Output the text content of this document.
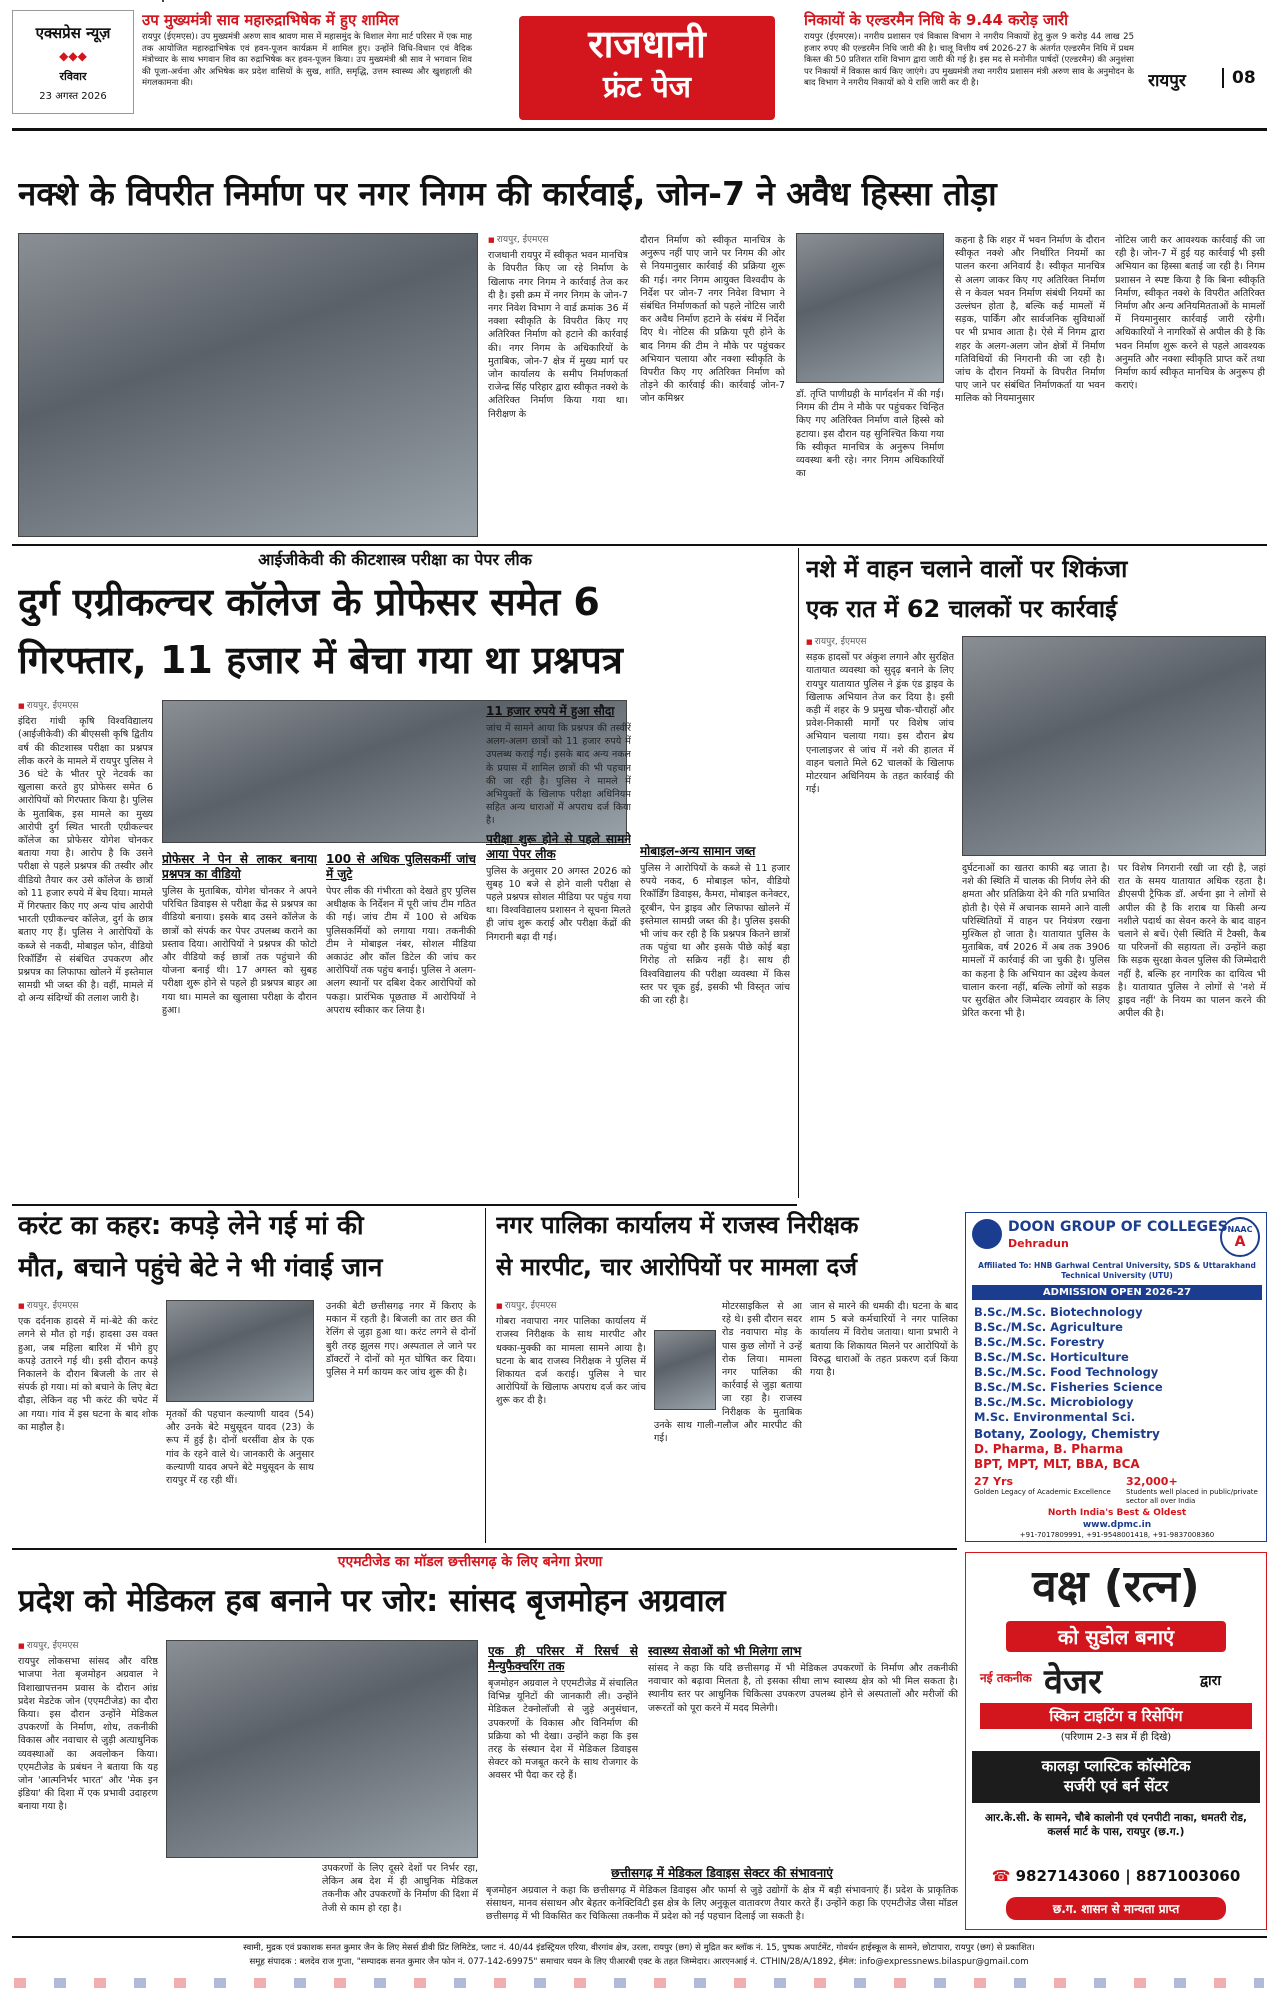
एक्सप्रेस न्यूज़
◆◆◆
रविवार
23 अगस्त 2026
उप मुख्यमंत्री साव महारुद्राभिषेक में हुए शामिल
रायपुर (ईएमएस)। उप मुख्यमंत्री अरुण साव श्रावण मास में महासमुंद के विशाल मेगा मार्ट परिसर में एक माह तक आयोजित महारुद्राभिषेक एवं हवन-पूजन कार्यक्रम में शामिल हुए। उन्होंने विधि-विधान एवं वैदिक मंत्रोच्चार के साथ भगवान शिव का रुद्राभिषेक कर हवन-पूजन किया। उप मुख्यमंत्री श्री साव ने भगवान शिव की पूजा-अर्चना और अभिषेक कर प्रदेश वासियों के सुख, शांति, समृद्धि, उत्तम स्वास्थ्य और खुशहाली की मंगलकामना की।
राजधानी
फ्रंट पेज
निकायों के एल्डरमैन निधि के 9.44 करोड़ जारी
रायपुर (ईएमएस)। नगरीय प्रशासन एवं विकास विभाग ने नगरीय निकायों हेतु कुल 9 करोड़ 44 लाख 25 हजार रुपए की एल्डरमैन निधि जारी की है। चालू वित्तीय वर्ष 2026-27 के अंतर्गत एल्डरमैन निधि में प्रथम किस्त की 50 प्रतिशत राशि विभाग द्वारा जारी की गई है। इस मद से मनोनीत पार्षदों (एल्डरमैन) की अनुशंसा पर निकायों में विकास कार्य किए जाएंगे। उप मुख्यमंत्री तथा नगरीय प्रशासन मंत्री अरुण साव के अनुमोदन के बाद विभाग ने नगरीय निकायों को ये राशि जारी कर दी है।	रायपुर	08
नक्शे के विपरीत निर्माण पर नगर निगम की कार्रवाई, जोन-7 ने अवैध हिस्सा तोड़ा
■ रायपुर, ईएमएस
राजधानी रायपुर में स्वीकृत भवन मानचित्र के विपरीत किए जा रहे निर्माण के खिलाफ नगर निगम ने कार्रवाई तेज कर दी है। इसी क्रम में नगर निगम के जोन-7 नगर निवेश विभाग ने वार्ड क्रमांक 36 में नक्शा स्वीकृति के विपरीत किए गए अतिरिक्त निर्माण को हटाने की कार्रवाई की। नगर निगम के अधिकारियों के मुताबिक, जोन-7 क्षेत्र में मुख्य मार्ग पर जोन कार्यालय के समीप निर्माणकर्ता राजेन्द्र सिंह परिहार द्वारा स्वीकृत नक्शे के अतिरिक्त निर्माण किया गया था। निरीक्षण के
दौरान निर्माण को स्वीकृत मानचित्र के अनुरूप नहीं पाए जाने पर निगम की ओर से नियमानुसार कार्रवाई की प्रक्रिया शुरू की गई। नगर निगम आयुक्त विश्वदीप के निर्देश पर जोन-7 नगर निवेश विभाग ने संबंधित निर्माणकर्ता को पहले नोटिस जारी कर अवैध निर्माण हटाने के संबंध में निर्देश दिए थे। नोटिस की प्रक्रिया पूरी होने के बाद निगम की टीम ने मौके पर पहुंचकर अभियान चलाया और नक्शा स्वीकृति के विपरीत किए गए अतिरिक्त निर्माण को तोड़ने की कार्रवाई की। कार्रवाई जोन-7 जोन कमिश्नर	डॉ. तृप्ति पाणीग्रही के मार्गदर्शन में की गई। निगम की टीम ने मौके पर पहुंचकर चिन्हित किए गए अतिरिक्त निर्माण वाले हिस्से को हटाया। इस दौरान यह सुनिश्चित किया गया कि स्वीकृत मानचित्र के अनुरूप निर्माण व्यवस्था बनी रहे। नगर निगम अधिकारियों का
कहना है कि शहर में भवन निर्माण के दौरान स्वीकृत नक्शे और निर्धारित नियमों का पालन करना अनिवार्य है। स्वीकृत मानचित्र से अलग जाकर किए गए अतिरिक्त निर्माण से न केवल भवन निर्माण संबंधी नियमों का उल्लंघन होता है, बल्कि कई मामलों में सड़क, पार्किंग और सार्वजनिक सुविधाओं पर भी प्रभाव आता है। ऐसे में निगम द्वारा शहर के अलग-अलग जोन क्षेत्रों में निर्माण गतिविधियों की निगरानी की जा रही है। जांच के दौरान नियमों के विपरीत निर्माण पाए जाने पर संबंधित निर्माणकर्ता या भवन मालिक को नियमानुसार
नोटिस जारी कर आवश्यक कार्रवाई की जा रही है। जोन-7 में हुई यह कार्रवाई भी इसी अभियान का हिस्सा बताई जा रही है। निगम प्रशासन ने स्पष्ट किया है कि बिना स्वीकृति निर्माण, स्वीकृत नक्शे के विपरीत अतिरिक्त निर्माण और अन्य अनियमितताओं के मामलों में नियमानुसार कार्रवाई जारी रहेगी। अधिकारियों ने नागरिकों से अपील की है कि भवन निर्माण शुरू करने से पहले आवश्यक अनुमति और नक्शा स्वीकृति प्राप्त करें तथा निर्माण कार्य स्वीकृत मानचित्र के अनुरूप ही कराएं।
आईजीकेवी की कीटशास्त्र परीक्षा का पेपर लीक
दुर्ग एग्रीकल्चर कॉलेज के प्रोफेसर समेत 6
गिरफ्तार, 11 हजार में बेचा गया था प्रश्नपत्र
■ रायपुर, ईएमएस
इंदिरा गांधी कृषि विश्वविद्यालय (आईजीकेवी) की बीएससी कृषि द्वितीय वर्ष की कीटशास्त्र परीक्षा का प्रश्नपत्र लीक करने के मामले में रायपुर पुलिस ने 36 घंटे के भीतर पूरे नेटवर्क का खुलासा करते हुए प्रोफेसर समेत 6 आरोपियों को गिरफ्तार किया है। पुलिस के मुताबिक, इस मामले का मुख्य आरोपी दुर्ग स्थित भारती एग्रीकल्चर कॉलेज का प्रोफेसर योगेश चोनकर बताया गया है। आरोप है कि उसने परीक्षा से पहले प्रश्नपत्र की तस्वीर और वीडियो तैयार कर उसे कॉलेज के छात्रों को 11 हजार रुपये में बेच दिया। मामले में गिरफ्तार किए गए अन्य पांच आरोपी भारती एग्रीकल्चर कॉलेज, दुर्ग के छात्र बताए गए हैं। पुलिस ने आरोपियों के कब्जे से नकदी, मोबाइल फोन, वीडियो रिकॉर्डिंग से संबंधित उपकरण और प्रश्नपत्र का लिफाफा खोलने में इस्तेमाल सामग्री भी जब्त की है। वहीं, मामले में दो अन्य संदिग्धों की तलाश जारी है।
प्रोफेसर ने पेन से लाकर बनाया प्रश्नपत्र का वीडियो
पुलिस के मुताबिक, योगेश चोनकर ने अपने परिचित डिवाइस से परीक्षा केंद्र से प्रश्नपत्र का वीडियो बनाया। इसके बाद उसने कॉलेज के छात्रों को संपर्क कर पेपर उपलब्ध कराने का प्रस्ताव दिया। आरोपियों ने प्रश्नपत्र की फोटो और वीडियो कई छात्रों तक पहुंचाने की योजना बनाई थी। 17 अगस्त को सुबह परीक्षा शुरू होने से पहले ही प्रश्नपत्र बाहर आ गया था। मामले का खुलासा परीक्षा के दौरान हुआ।
100 से अधिक पुलिसकर्मी जांच में जुटे
पेपर लीक की गंभीरता को देखते हुए पुलिस अधीक्षक के निर्देशन में पूरी जांच टीम गठित की गई। जांच टीम में 100 से अधिक पुलिसकर्मियों को लगाया गया। तकनीकी टीम ने मोबाइल नंबर, सोशल मीडिया अकाउंट और कॉल डिटेल की जांच कर आरोपियों तक पहुंच बनाई। पुलिस ने अलग-अलग स्थानों पर दबिश देकर आरोपियों को पकड़ा। प्रारंभिक पूछताछ में आरोपियों ने अपराध स्वीकार कर लिया है।
11 हजार रुपये में हुआ सौदा
जांच में सामने आया कि प्रश्नपत्र की तस्वीरें अलग-अलग छात्रों को 11 हजार रुपये में उपलब्ध कराई गईं। इसके बाद अन्य नकल के प्रयास में शामिल छात्रों की भी पहचान की जा रही है। पुलिस ने मामले में अभियुक्तों के खिलाफ परीक्षा अधिनियम सहित अन्य धाराओं में अपराध दर्ज किया है।
परीक्षा शुरू होने से पहले सामने आया पेपर लीक
पुलिस के अनुसार 20 अगस्त 2026 को सुबह 10 बजे से होने वाली परीक्षा से पहले प्रश्नपत्र सोशल मीडिया पर पहुंच गया था। विश्वविद्यालय प्रशासन ने सूचना मिलते ही जांच शुरू कराई और परीक्षा केंद्रों की निगरानी बढ़ा दी गई।
मोबाइल-अन्य सामान जब्त
पुलिस ने आरोपियों के कब्जे से 11 हजार रुपये नकद, 6 मोबाइल फोन, वीडियो रिकॉर्डिंग डिवाइस, कैमरा, मोबाइल कनेक्टर, दूरबीन, पेन ड्राइव और लिफाफा खोलने में इस्तेमाल सामग्री जब्त की है। पुलिस इसकी भी जांच कर रही है कि प्रश्नपत्र कितने छात्रों तक पहुंचा था और इसके पीछे कोई बड़ा गिरोह तो सक्रिय नहीं है। साथ ही विश्वविद्यालय की परीक्षा व्यवस्था में किस स्तर पर चूक हुई, इसकी भी विस्तृत जांच की जा रही है।
नशे में वाहन चलाने वालों पर शिकंजा
एक रात में 62 चालकों पर कार्रवाई
■ रायपुर, ईएमएस
सड़क हादसों पर अंकुश लगाने और सुरक्षित यातायात व्यवस्था को सुदृढ़ बनाने के लिए रायपुर यातायात पुलिस ने ड्रंक एंड ड्राइव के खिलाफ अभियान तेज कर दिया है। इसी कड़ी में शहर के 9 प्रमुख चौक-चौराहों और प्रवेश-निकासी मार्गों पर विशेष जांच अभियान चलाया गया। इस दौरान ब्रेथ एनालाइजर से जांच में नशे की हालत में वाहन चलाते मिले 62 चालकों के खिलाफ मोटरयान अधिनियम के तहत कार्रवाई की गई।
दुर्घटनाओं का खतरा काफी बढ़ जाता है। नशे की स्थिति में चालक की निर्णय लेने की क्षमता और प्रतिक्रिया देने की गति प्रभावित होती है। ऐसे में अचानक सामने आने वाली परिस्थितियों में वाहन पर नियंत्रण रखना मुश्किल हो जाता है। यातायात पुलिस के मुताबिक, वर्ष 2026 में अब तक 3906 मामलों में कार्रवाई की जा चुकी है। पुलिस का कहना है कि अभियान का उद्देश्य केवल चालान करना नहीं, बल्कि लोगों को सड़क पर सुरक्षित और जिम्मेदार व्यवहार के लिए प्रेरित करना भी है।
पर विशेष निगरानी रखी जा रही है, जहां रात के समय यातायात अधिक रहता है। डीएसपी ट्रैफिक डॉ. अर्चना झा ने लोगों से अपील की है कि शराब या किसी अन्य नशीले पदार्थ का सेवन करने के बाद वाहन चलाने से बचें। ऐसी स्थिति में टैक्सी, कैब या परिजनों की सहायता लें। उन्होंने कहा कि सड़क सुरक्षा केवल पुलिस की जिम्मेदारी नहीं है, बल्कि हर नागरिक का दायित्व भी है। यातायात पुलिस ने लोगों से 'नशे में ड्राइव नहीं' के नियम का पालन करने की अपील की है।
करंट का कहर: कपड़े लेने गई मां की
मौत, बचाने पहुंचे बेटे ने भी गंवाई जान
■ रायपुर, ईएमएस
एक दर्दनाक हादसे में मां-बेटे की करंट लगने से मौत हो गई। हादसा उस वक्त हुआ, जब महिला बारिश में भीगे हुए कपड़े उतारने गई थी। इसी दौरान कपड़े निकालने के दौरान बिजली के तार से संपर्क हो गया। मां को बचाने के लिए बेटा दौड़ा, लेकिन वह भी करंट की चपेट में आ गया। गांव में इस घटना के बाद शोक का माहौल है।
मृतकों की पहचान कल्याणी यादव (54) और उनके बेटे मधुसूदन यादव (23) के रूप में हुई है। दोनों धरसींवा क्षेत्र के एक गांव के रहने वाले थे। जानकारी के अनुसार कल्याणी यादव अपने बेटे मधुसूदन के साथ रायपुर में रह रही थीं।
उनकी बेटी छत्तीसगढ़ नगर में किराए के मकान में रहती है। बिजली का तार छत की रेलिंग से जुड़ा हुआ था। करंट लगने से दोनों बुरी तरह झुलस गए। अस्पताल ले जाने पर डॉक्टरों ने दोनों को मृत घोषित कर दिया। पुलिस ने मर्ग कायम कर जांच शुरू की है।
नगर पालिका कार्यालय में राजस्व निरीक्षक
से मारपीट, चार आरोपियों पर मामला दर्ज
■ रायपुर, ईएमएस
गोबरा नवापारा नगर पालिका कार्यालय में राजस्व निरीक्षक के साथ मारपीट और धक्का-मुक्की का मामला सामने आया है। घटना के बाद राजस्व निरीक्षक ने पुलिस में शिकायत दर्ज कराई। पुलिस ने चार आरोपियों के खिलाफ अपराध दर्ज कर जांच शुरू कर दी है।
मोटरसाइकिल से आ रहे थे। इसी दौरान सदर रोड नवापारा मोड़ के पास कुछ लोगों ने उन्हें रोक लिया। मामला नगर पालिका की कार्रवाई से जुड़ा बताया जा रहा है। राजस्व निरीक्षक के मुताबिक उनके साथ गाली-गलौज और मारपीट की गई।
जान से मारने की धमकी दी। घटना के बाद शाम 5 बजे कर्मचारियों ने नगर पालिका कार्यालय में विरोध जताया। थाना प्रभारी ने बताया कि शिकायत मिलने पर आरोपियों के विरुद्ध धाराओं के तहत प्रकरण दर्ज किया गया है।
DOON GROUP OF COLLEGES
Dehradun
NAAC
A
Affiliated To: HNB Garhwal Central University, SDS & Uttarakhand Technical University (UTU)
ADMISSION OPEN 2026-27
B.Sc./M.Sc. Biotechnology
B.Sc./M.Sc. Agriculture
B.Sc./M.Sc. Forestry
B.Sc./M.Sc. Horticulture
B.Sc./M.Sc. Food Technology
B.Sc./M.Sc. Fisheries Science
B.Sc./M.Sc. Microbiology
M.Sc. Environmental Sci.
Botany, Zoology, Chemistry
D. Pharma, B. Pharma
BPT, MPT, MLT, BBA, BCA
27 Yrs
Golden Legacy of Academic Excellence
32,000+
Students well placed in public/private sector all over India
North India's Best & Oldest
www.dpmc.in
+91-7017809991, +91-9548001418, +91-9837008360
एएमटीजेड का मॉडल छत्तीसगढ़ के लिए बनेगा प्रेरणा
प्रदेश को मेडिकल हब बनाने पर जोर: सांसद बृजमोहन अग्रवाल
■ रायपुर, ईएमएस
रायपुर लोकसभा सांसद और वरिष्ठ भाजपा नेता बृजमोहन अग्रवाल ने विशाखापत्तनम प्रवास के दौरान आंध्र प्रदेश मेडटेक जोन (एएमटीजेड) का दौरा किया। इस दौरान उन्होंने मेडिकल उपकरणों के निर्माण, शोध, तकनीकी विकास और नवाचार से जुड़ी अत्याधुनिक व्यवस्थाओं का अवलोकन किया। एएमटीजेड के प्रबंधन ने बताया कि यह जोन 'आत्मनिर्भर भारत' और 'मेक इन इंडिया' की दिशा में एक प्रभावी उदाहरण बनाया गया है।
उपकरणों के लिए दूसरे देशों पर निर्भर रहा, लेकिन अब देश में ही आधुनिक मेडिकल तकनीक और उपकरणों के निर्माण की दिशा में तेजी से काम हो रहा है।
एक ही परिसर में रिसर्च से मैन्युफैक्चरिंग तक
बृजमोहन अग्रवाल ने एएमटीजेड में संचालित विभिन्न यूनिटों की जानकारी ली। उन्होंने मेडिकल टेक्नोलॉजी से जुड़े अनुसंधान, उपकरणों के विकास और विनिर्माण की प्रक्रिया को भी देखा। उन्होंने कहा कि इस तरह के संस्थान देश में मेडिकल डिवाइस सेक्टर को मजबूत करने के साथ रोजगार के अवसर भी पैदा कर रहे हैं।
स्वास्थ्य सेवाओं को भी मिलेगा लाभ
सांसद ने कहा कि यदि छत्तीसगढ़ में भी मेडिकल उपकरणों के निर्माण और तकनीकी नवाचार को बढ़ावा मिलता है, तो इसका सीधा लाभ स्वास्थ्य क्षेत्र को भी मिल सकता है। स्थानीय स्तर पर आधुनिक चिकित्सा उपकरण उपलब्ध होने से अस्पतालों और मरीजों की जरूरतों को पूरा करने में मदद मिलेगी।
छत्तीसगढ़ में मेडिकल डिवाइस सेक्टर की संभावनाएं
बृजमोहन अग्रवाल ने कहा कि छत्तीसगढ़ में मेडिकल डिवाइस और फार्मा से जुड़े उद्योगों के क्षेत्र में बड़ी संभावनाएं हैं। प्रदेश के प्राकृतिक संसाधन, मानव संसाधन और बेहतर कनेक्टिविटी इस क्षेत्र के लिए अनुकूल वातावरण तैयार करते हैं। उन्होंने कहा कि एएमटीजेड जैसा मॉडल छत्तीसगढ़ में भी विकसित कर चिकित्सा तकनीक में प्रदेश को नई पहचान दिलाई जा सकती है।
वक्ष (रत्न)
को सुडोल बनाएं
नई तकनीक वेजर	द्वारा
स्किन टाइटिंग व रिसेपिंग
(परिणाम 2-3 सत्र में ही दिखे)
कालड़ा प्लास्टिक कॉस्मेटिक
सर्जरी एवं बर्न सेंटर
आर.के.सी. के सामने, चौबे कालोनी एवं एनपीटी नाका, धमतरी रोड, कलर्स मार्ट के पास, रायपुर (छ.ग.)
☎ 9827143060 | 8871003060
छ.ग. शासन से मान्यता प्राप्त
स्वामी, मुद्रक एवं प्रकाशक सनत कुमार जैन के लिए मेसर्स डीवी प्रिंट लिमिटेड, प्लाट नं. 40/44 इंडस्ट्रियल एरिया, वीरगांव क्षेत्र, उरला, रायपुर (छग) से मुद्रित कर ब्लॉक नं. 15, पुष्पक अपार्टमेंट, गोवर्धन हाईस्कूल के सामने, छोटापारा, रायपुर (छग) से प्रकाशित।
समूह संपादक : बलदेव राज गुप्ता, "सम्पादक सनत कुमार जैन फोन नं. 077-142-69975" समाचार चयन के लिए पीआरबी एक्ट के तहत जिम्मेदार। आरएनआई नं. CTHIN/28/A/1892, ईमेल: info@expressnews.bilaspur@gmail.com
